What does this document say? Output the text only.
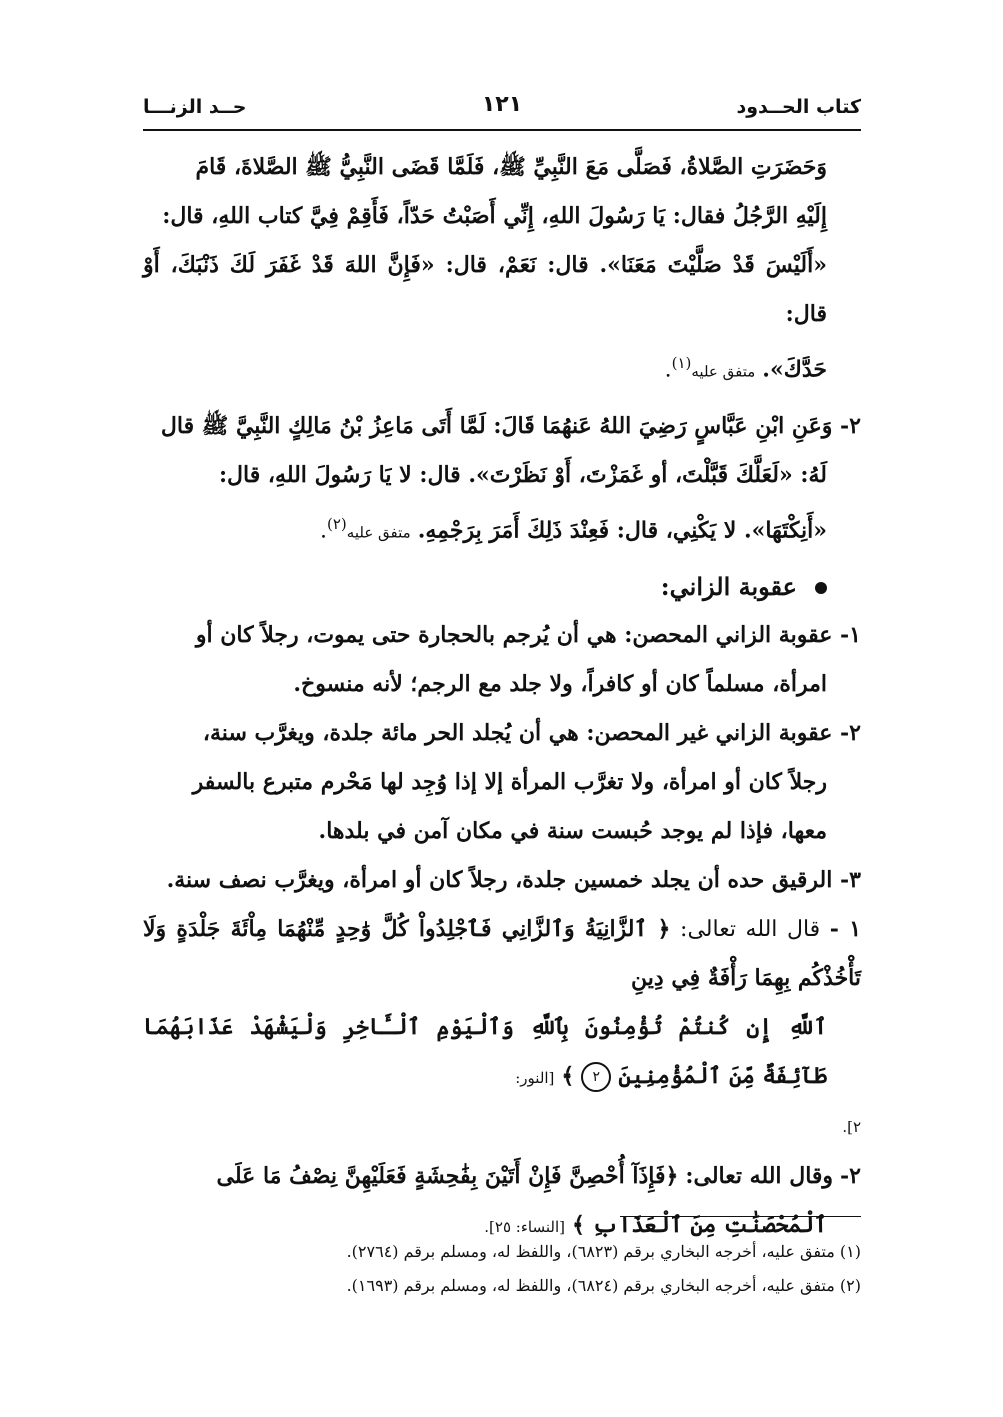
كتاب الحــدود
١٢١
حــد الزنـــا
وَحَضَرَتِ الصَّلاةُ، فَصَلَّى مَعَ النَّبِيِّ ﷺ، فَلَمَّا قَضَى النَّبِيُّ ﷺ الصَّلاةَ، قَامَ
إِلَيْهِ الرَّجُلُ فقال: يَا رَسُولَ اللهِ، إِنِّي أَصَبْتُ حَدّاً، فَأَقِمْ فِيَّ كتاب اللهِ، قال:
«أَلَيْسَ قَدْ صَلَّيْتَ مَعَنَا». قال: نَعَمْ، قال: «فَإِنَّ اللهَ قَدْ غَفَرَ لَكَ ذَنْبَكَ، أَوْ قال:
حَدَّكَ». متفق عليه$^{(١)}$.
٢- وَعَنِ ابْنِ عَبَّاسٍ رَضِيَ اللهُ عَنهُمَا قَالَ: لَمَّا أَتَى مَاعِزُ بْنُ مَالِكٍ النَّبِيَّ ﷺ قال
لَهُ: «لَعَلَّكَ قَبَّلْتَ، أو غَمَزْتَ، أَوْ نَظَرْتَ». قال: لا يَا رَسُولَ اللهِ، قال:
«أَنِكْتَهَا». لا يَكْنِي، قال: فَعِنْدَ ذَلِكَ أَمَرَ بِرَجْمِهِ. متفق عليه$^{(٢)}$.
عقوبة الزاني:
١- عقوبة الزاني المحصن: هي أن يُرجم بالحجارة حتى يموت، رجلاً كان أو
امرأة، مسلماً كان أو كافراً، ولا جلد مع الرجم؛ لأنه منسوخ.
٢- عقوبة الزاني غير المحصن: هي أن يُجلد الحر مائة جلدة، ويغرَّب سنة،
رجلاً كان أو امرأة، ولا تغرَّب المرأة إلا إذا وُجِد لها مَحْرم متبرع بالسفر
معها، فإذا لم يوجد حُبست سنة في مكان آمن في بلدها.
٣- الرقيق حده أن يجلد خمسين جلدة، رجلاً كان أو امرأة، ويغرَّب نصف سنة.
١ - قال الله تعالى: ﴿ ٱلزَّانِيَةُ وَٱلزَّانِي فَٱجْلِدُواْ كُلَّ وَٰحِدٍ مِّنْهُمَا مِاْئَةَ جَلْدَةٍ وَلَا تَأْخُذْكُم بِهِمَا رَأْفَةٌ فِي دِينِ
ٱللَّهِ إِن كُنتُمْ تُؤْمِنُونَ بِٱللَّهِ وَٱلْيَوْمِ ٱلْـَٔاخِرِ وَلْيَشْهَدْ عَذَابَهُمَا طَآئِفَةٌ مِّنَ ٱلْمُؤْمِنِينَ ٢ ﴾ [النور:
٢].
٢- وقال الله تعالى: ﴿فَإِذَآ أُحْصِنَّ فَإِنْ أَتَيْنَ بِفَٰحِشَةٍ فَعَلَيْهِنَّ نِصْفُ مَا عَلَى
ٱلْمُحْصَنَٰتِ مِنَ ٱلْعَذَابِ ﴾ [النساء: ٢٥].

(١) متفق عليه، أخرجه البخاري برقم (٦٨٢٣)، واللفظ له، ومسلم برقم (٢٧٦٤).

(٢) متفق عليه، أخرجه البخاري برقم (٦٨٢٤)، واللفظ له، ومسلم برقم (١٦٩٣).
